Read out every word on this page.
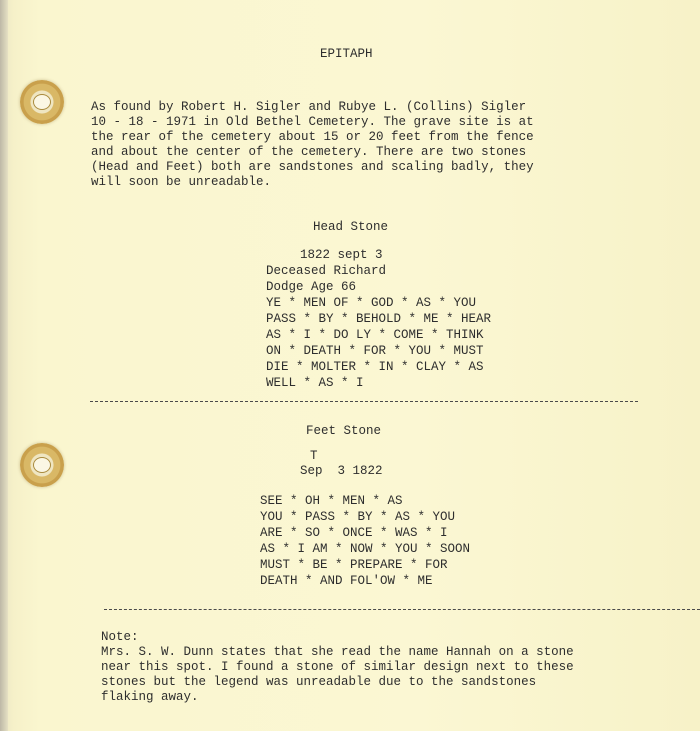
EPITAPH

As found by Robert H. Sigler and Rubye L. (Collins) Sigler

10 - 18 - 1971 in Old Bethel Cemetery. The grave site is at

the rear of the cemetery about 15 or 20 feet from the fence

and about the center of the cemetery. There are two stones

(Head and Feet) both are sandstones and scaling badly, they

will soon be unreadable.

Head Stone

1822 sept 3

Deceased Richard

Dodge Age 66

YE * MEN OF * GOD * AS * YOU

PASS * BY * BEHOLD * ME * HEAR

AS * I * DO LY * COME * THINK

ON * DEATH * FOR * YOU * MUST

DIE * MOLTER * IN * CLAY * AS

WELL * AS * I

Feet Stone

T

Sep  3 1822

SEE * OH * MEN * AS

YOU * PASS * BY * AS * YOU

ARE * SO * ONCE * WAS * I

AS * I AM * NOW * YOU * SOON

MUST * BE * PREPARE * FOR

DEATH * AND FOL'OW * ME

Note:

Mrs. S. W. Dunn states that she read the name Hannah on a stone

near this spot. I found a stone of similar design next to these

stones but the legend was unreadable due to the sandstones

flaking away.
